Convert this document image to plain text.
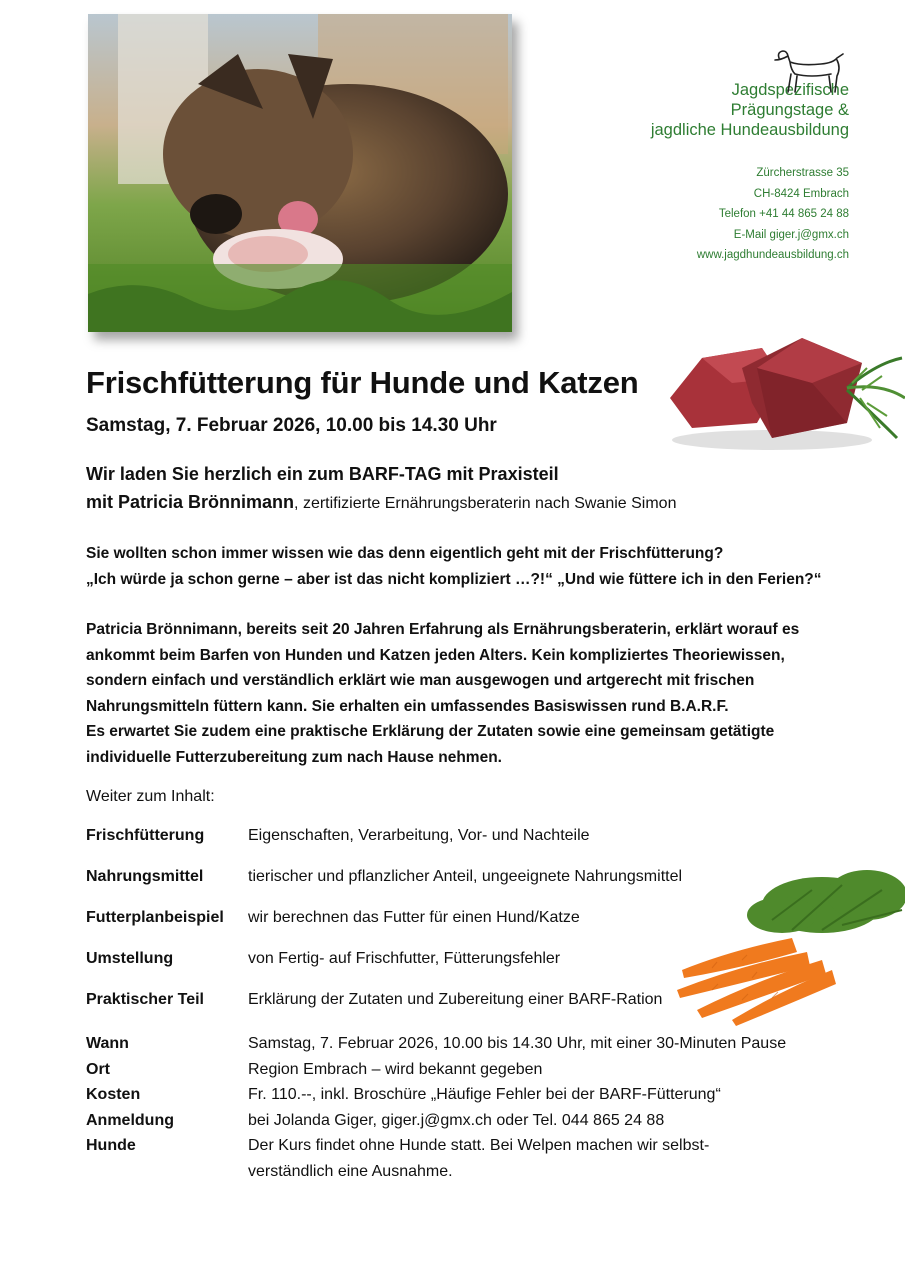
Jagdspezifische
Prägungstage &
jagdliche Hundeausbildung
Zürcherstrasse 35
CH-8424 Embrach
Telefon +41 44 865 24 88
E-Mail giger.j@gmx.ch
www.jagdhundeausbildung.ch
Frischfütterung für Hunde und Katzen
Samstag, 7. Februar 2026, 10.00 bis 14.30 Uhr
Wir laden Sie herzlich ein zum BARF-TAG mit Praxisteil
mit Patricia Brönnimann, zertifizierte Ernährungsberaterin nach Swanie Simon
Sie wollten schon immer wissen wie das denn eigentlich geht mit der Frischfütterung?
„Ich würde ja schon gerne – aber ist das nicht kompliziert …?!“ „Und wie füttere ich in den Ferien?“
Patricia Brönnimann, bereits seit 20 Jahren Erfahrung als Ernährungsberaterin, erklärt worauf es
ankommt beim Barfen von Hunden und Katzen jeden Alters. Kein kompliziertes Theoriewissen,
sondern einfach und verständlich erklärt wie man ausgewogen und artgerecht mit frischen
Nahrungsmitteln füttern kann. Sie erhalten ein umfassendes Basiswissen rund B.A.R.F.
Es erwartet Sie zudem eine praktische Erklärung der Zutaten sowie eine gemeinsam getätigte
individuelle Futterzubereitung zum nach Hause nehmen.
Weiter zum Inhalt:
Frischfütterung	Eigenschaften, Verarbeitung, Vor- und Nachteile
Nahrungsmittel	tierischer und pflanzlicher Anteil, ungeeignete Nahrungsmittel
Futterplanbeispiel wir berechnen das Futter für einen Hund/Katze
Umstellung	von Fertig- auf Frischfutter, Fütterungsfehler
Praktischer Teil	Erklärung der Zutaten und Zubereitung einer BARF-Ration
Wann	Samstag, 7. Februar 2026, 10.00 bis 14.30 Uhr, mit einer 30-Minuten Pause
Ort	Region Embrach – wird bekannt gegeben
Kosten	Fr. 110.--, inkl. Broschüre „Häufige Fehler bei der BARF-Fütterung“
Anmeldung	bei Jolanda Giger, giger.j@gmx.ch oder Tel. 044 865 24 88
Hunde	Der Kurs findet ohne Hunde statt. Bei Welpen machen wir selbst-
verständlich eine Ausnahme.
